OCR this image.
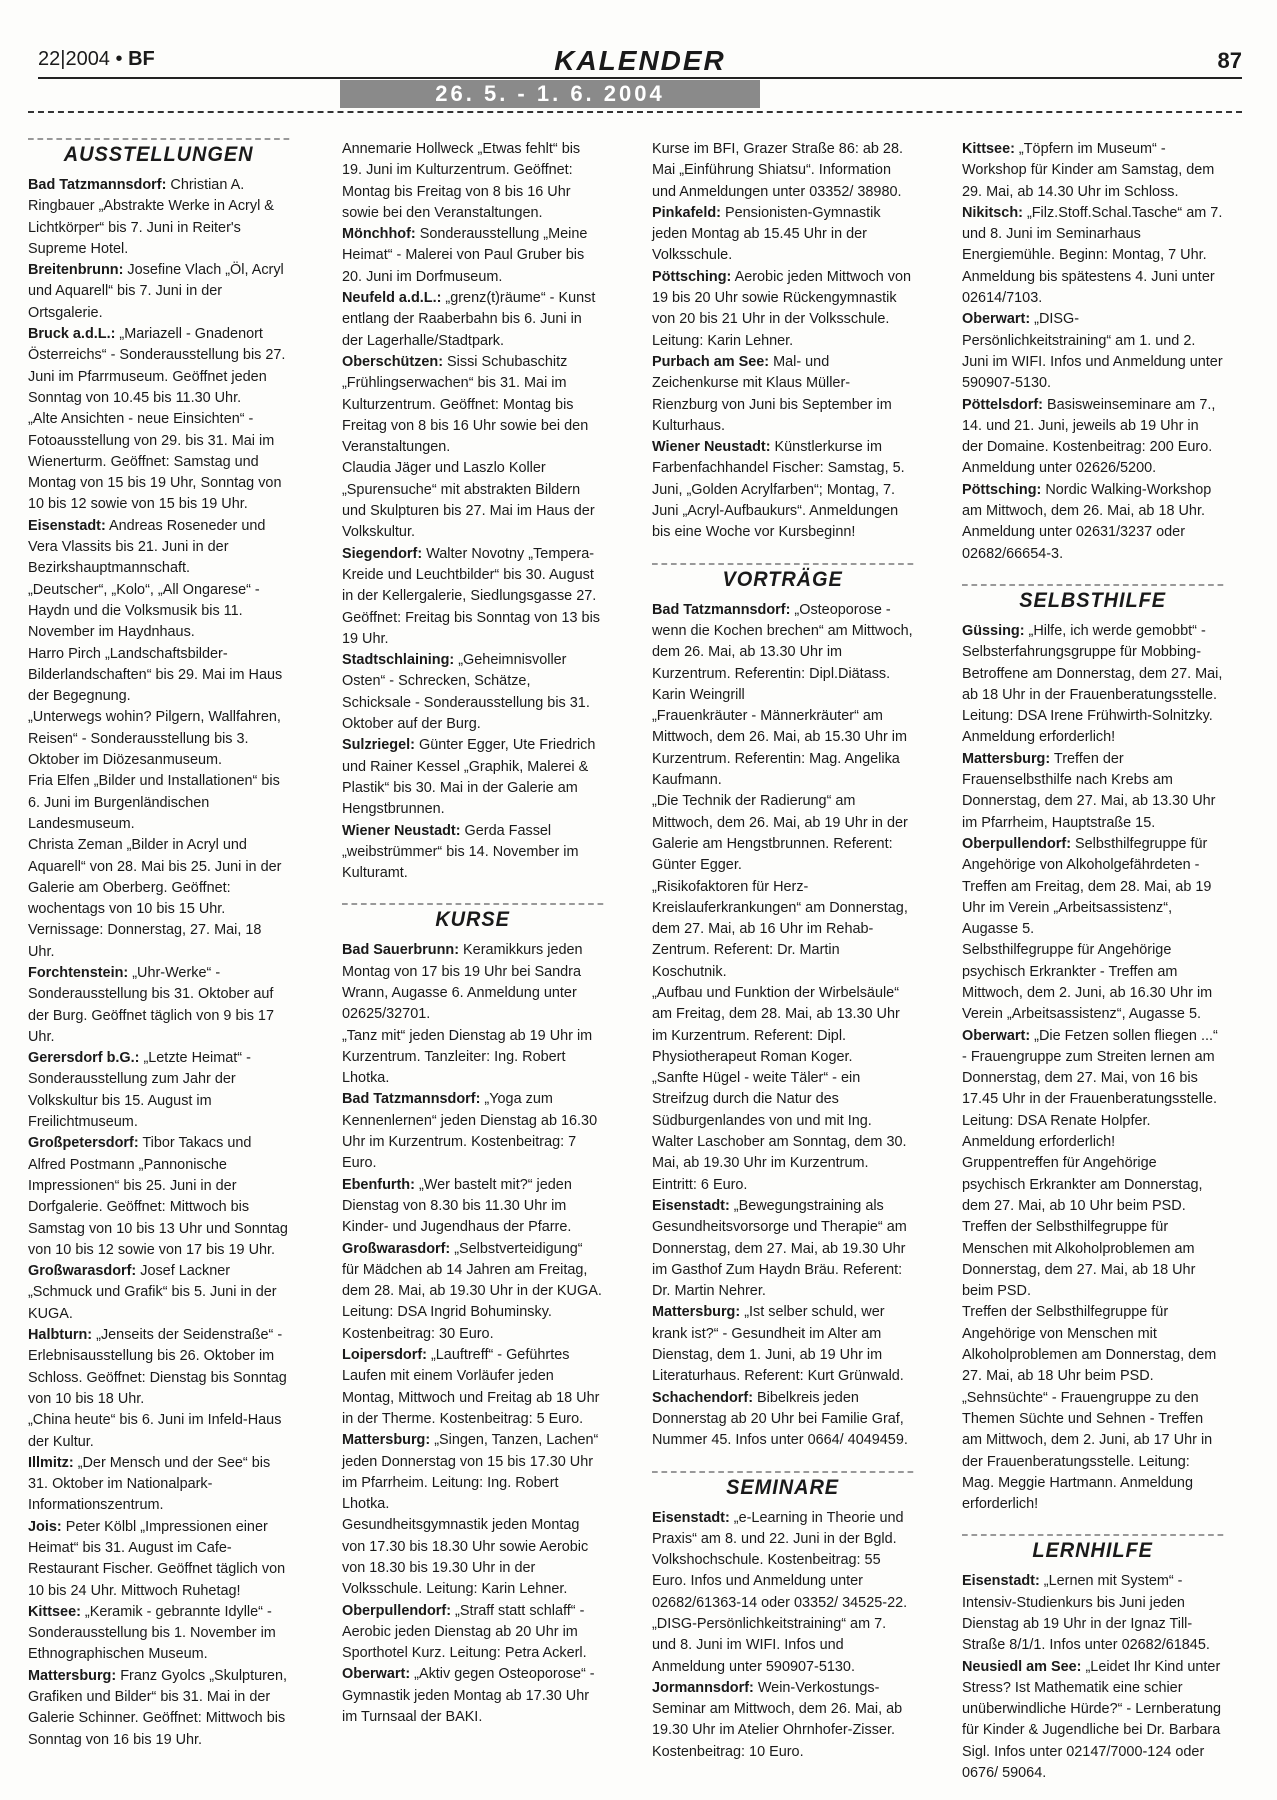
22|2004 • BF	KALENDER	87
26. 5. - 1. 6. 2004
AUSSTELLUNGEN

Bad Tatzmannsdorf: Christian A. Ringbauer „Abstrakte Werke in Acryl & Lichtkörper“ bis 7. Juni in Reiter's Supreme Hotel.

Breitenbrunn: Josefine Vlach „Öl, Acryl und Aquarell“ bis 7. Juni in der Ortsgalerie.

Bruck a.d.L.: „Mariazell - Gnadenort Österreichs“ - Sonderausstellung bis 27. Juni im Pfarrmuseum. Geöffnet jeden Sonntag von 10.45 bis 11.30 Uhr.

„Alte Ansichten - neue Einsichten“ - Fotoausstellung von 29. bis 31. Mai im Wienerturm. Geöffnet: Samstag und Montag von 15 bis 19 Uhr, Sonntag von 10 bis 12 sowie von 15 bis 19 Uhr.

Eisenstadt: Andreas Roseneder und Vera Vlassits bis 21. Juni in der Bezirkshauptmannschaft.

„Deutscher“, „Kolo“, „All Ongarese“ - Haydn und die Volksmusik bis 11. November im Haydnhaus.

Harro Pirch „Landschaftsbilder-Bilderlandschaften“ bis 29. Mai im Haus der Begegnung.

„Unterwegs wohin? Pilgern, Wallfahren, Reisen“ - Sonderausstellung bis 3. Oktober im Diözesanmuseum.

Fria Elfen „Bilder und Installationen“ bis 6. Juni im Burgenländischen Landesmuseum.

Christa Zeman „Bilder in Acryl und Aquarell“ von 28. Mai bis 25. Juni in der Galerie am Oberberg. Geöffnet: wochentags von 10 bis 15 Uhr. Vernissage: Donnerstag, 27. Mai, 18 Uhr.

Forchtenstein: „Uhr-Werke“ - Sonderausstellung bis 31. Oktober auf der Burg. Geöffnet täglich von 9 bis 17 Uhr.

Gerersdorf b.G.: „Letzte Heimat“ - Sonderausstellung zum Jahr der Volkskultur bis 15. August im Freilichtmuseum.

Großpetersdorf: Tibor Takacs und Alfred Postmann „Pannonische Impressionen“ bis 25. Juni in der Dorfgalerie. Geöffnet: Mittwoch bis Samstag von 10 bis 13 Uhr und Sonntag von 10 bis 12 sowie von 17 bis 19 Uhr.

Großwarasdorf: Josef Lackner „Schmuck und Grafik“ bis 5. Juni in der KUGA.

Halbturn: „Jenseits der Seidenstraße“ - Erlebnisausstellung bis 26. Oktober im Schloss. Geöffnet: Dienstag bis Sonntag von 10 bis 18 Uhr.

„China heute“ bis 6. Juni im Infeld-Haus der Kultur.

Illmitz: „Der Mensch und der See“ bis 31. Oktober im Nationalpark-Informationszentrum.

Jois: Peter Kölbl „Impressionen einer Heimat“ bis 31. August im Cafe-Restaurant Fischer. Geöffnet täglich von 10 bis 24 Uhr. Mittwoch Ruhetag!

Kittsee: „Keramik - gebrannte Idylle“ - Sonderausstellung bis 1. November im Ethnographischen Museum.

Mattersburg: Franz Gyolcs „Skulpturen, Grafiken und Bilder“ bis 31. Mai in der Galerie Schinner. Geöffnet: Mittwoch bis Sonntag von 16 bis 19 Uhr.

Annemarie Hollweck „Etwas fehlt“ bis 19. Juni im Kulturzentrum. Geöffnet: Montag bis Freitag von 8 bis 16 Uhr sowie bei den Veranstaltungen.

Mönchhof: Sonderausstellung „Meine Heimat“ - Malerei von Paul Gruber bis 20. Juni im Dorfmuseum.

Neufeld a.d.L.: „grenz(t)räume“ - Kunst entlang der Raaberbahn bis 6. Juni in der Lagerhalle/Stadtpark.

Oberschützen: Sissi Schubaschitz „Frühlingserwachen“ bis 31. Mai im Kulturzentrum. Geöffnet: Montag bis Freitag von 8 bis 16 Uhr sowie bei den Veranstaltungen.

Claudia Jäger und Laszlo Koller „Spurensuche“ mit abstrakten Bildern und Skulpturen bis 27. Mai im Haus der Volkskultur.

Siegendorf: Walter Novotny „Tempera-Kreide und Leuchtbilder“ bis 30. August in der Kellergalerie, Siedlungsgasse 27. Geöffnet: Freitag bis Sonntag von 13 bis 19 Uhr.

Stadtschlaining: „Geheimnisvoller Osten“ - Schrecken, Schätze, Schicksale - Sonderausstellung bis 31. Oktober auf der Burg.

Sulzriegel: Günter Egger, Ute Friedrich und Rainer Kessel „Graphik, Malerei & Plastik“ bis 30. Mai in der Galerie am Hengstbrunnen.

Wiener Neustadt: Gerda Fassel „weibstrümmer“ bis 14. November im Kulturamt.

KURSE

Bad Sauerbrunn: Keramikkurs jeden Montag von 17 bis 19 Uhr bei Sandra Wrann, Augasse 6. Anmeldung unter 02625/32701.

„Tanz mit“ jeden Dienstag ab 19 Uhr im Kurzentrum. Tanzleiter: Ing. Robert Lhotka.

Bad Tatzmannsdorf: „Yoga zum Kennenlernen“ jeden Dienstag ab 16.30 Uhr im Kurzentrum. Kostenbeitrag: 7 Euro.

Ebenfurth: „Wer bastelt mit?“ jeden Dienstag von 8.30 bis 11.30 Uhr im Kinder- und Jugendhaus der Pfarre.

Großwarasdorf: „Selbstverteidigung“ für Mädchen ab 14 Jahren am Freitag, dem 28. Mai, ab 19.30 Uhr in der KUGA. Leitung: DSA Ingrid Bohuminsky. Kostenbeitrag: 30 Euro.

Loipersdorf: „Lauftreff“ - Geführtes Laufen mit einem Vorläufer jeden Montag, Mittwoch und Freitag ab 18 Uhr in der Therme. Kostenbeitrag: 5 Euro.

Mattersburg: „Singen, Tanzen, Lachen“ jeden Donnerstag von 15 bis 17.30 Uhr im Pfarrheim. Leitung: Ing. Robert Lhotka.

Gesundheitsgymnastik jeden Montag von 17.30 bis 18.30 Uhr sowie Aerobic von 18.30 bis 19.30 Uhr in der Volksschule. Leitung: Karin Lehner.

Oberpullendorf: „Straff statt schlaff“ - Aerobic jeden Dienstag ab 20 Uhr im Sporthotel Kurz. Leitung: Petra Ackerl.

Oberwart: „Aktiv gegen Osteoporose“ - Gymnastik jeden Montag ab 17.30 Uhr im Turnsaal der BAKI.

Kurse im BFI, Grazer Straße 86: ab 28. Mai „Einführung Shiatsu“. Information und Anmeldungen unter 03352/ 38980.

Pinkafeld: Pensionisten-Gymnastik jeden Montag ab 15.45 Uhr in der Volksschule.

Pöttsching: Aerobic jeden Mittwoch von 19 bis 20 Uhr sowie Rückengymnastik von 20 bis 21 Uhr in der Volksschule. Leitung: Karin Lehner.

Purbach am See: Mal- und Zeichenkurse mit Klaus Müller-Rienzburg von Juni bis September im Kulturhaus.

Wiener Neustadt: Künstlerkurse im Farbenfachhandel Fischer: Samstag, 5. Juni, „Golden Acrylfarben“; Montag, 7. Juni „Acryl-Aufbaukurs“. Anmeldungen bis eine Woche vor Kursbeginn!

VORTRÄGE

Bad Tatzmannsdorf: „Osteoporose - wenn die Kochen brechen“ am Mittwoch, dem 26. Mai, ab 13.30 Uhr im Kurzentrum. Referentin: Dipl.Diätass. Karin Weingrill

„Frauenkräuter - Männerkräuter“ am Mittwoch, dem 26. Mai, ab 15.30 Uhr im Kurzentrum. Referentin: Mag. Angelika Kaufmann.

„Die Technik der Radierung“ am Mittwoch, dem 26. Mai, ab 19 Uhr in der Galerie am Hengstbrunnen. Referent: Günter Egger.

„Risikofaktoren für Herz-Kreislauferkrankungen“ am Donnerstag, dem 27. Mai, ab 16 Uhr im Rehab-Zentrum. Referent: Dr. Martin Koschutnik.

„Aufbau und Funktion der Wirbelsäule“ am Freitag, dem 28. Mai, ab 13.30 Uhr im Kurzentrum. Referent: Dipl. Physiotherapeut Roman Koger.

„Sanfte Hügel - weite Täler“ - ein Streifzug durch die Natur des Südburgenlandes von und mit Ing. Walter Laschober am Sonntag, dem 30. Mai, ab 19.30 Uhr im Kurzentrum. Eintritt: 6 Euro.

Eisenstadt: „Bewegungstraining als Gesundheitsvorsorge und Therapie“ am Donnerstag, dem 27. Mai, ab 19.30 Uhr im Gasthof Zum Haydn Bräu. Referent: Dr. Martin Nehrer.

Mattersburg: „Ist selber schuld, wer krank ist?“ - Gesundheit im Alter am Dienstag, dem 1. Juni, ab 19 Uhr im Literaturhaus. Referent: Kurt Grünwald.

Schachendorf: Bibelkreis jeden Donnerstag ab 20 Uhr bei Familie Graf, Nummer 45. Infos unter 0664/ 4049459.

SEMINARE

Eisenstadt: „e-Learning in Theorie und Praxis“ am 8. und 22. Juni in der Bgld. Volkshochschule. Kostenbeitrag: 55 Euro. Infos und Anmeldung unter 02682/61363-14 oder 03352/ 34525-22.

„DISG-Persönlichkeitstraining“ am 7. und 8. Juni im WIFI. Infos und Anmeldung unter 590907-5130.

Jormannsdorf: Wein-Verkostungs-Seminar am Mittwoch, dem 26. Mai, ab 19.30 Uhr im Atelier Ohrnhofer-Zisser. Kostenbeitrag: 10 Euro.

Kittsee: „Töpfern im Museum“ - Workshop für Kinder am Samstag, dem 29. Mai, ab 14.30 Uhr im Schloss.

Nikitsch: „Filz.Stoff.Schal.Tasche“ am 7. und 8. Juni im Seminarhaus Energiemühle. Beginn: Montag, 7 Uhr. Anmeldung bis spätestens 4. Juni unter 02614/7103.

Oberwart: „DISG-Persönlichkeitstraining“ am 1. und 2. Juni im WIFI. Infos und Anmeldung unter 590907-5130.

Pöttelsdorf: Basisweinseminare am 7., 14. und 21. Juni, jeweils ab 19 Uhr in der Domaine. Kostenbeitrag: 200 Euro. Anmeldung unter 02626/5200.

Pöttsching: Nordic Walking-Workshop am Mittwoch, dem 26. Mai, ab 18 Uhr. Anmeldung unter 02631/3237 oder 02682/66654-3.

SELBSTHILFE

Güssing: „Hilfe, ich werde gemobbt“ - Selbsterfahrungsgruppe für Mobbing-Betroffene am Donnerstag, dem 27. Mai, ab 18 Uhr in der Frauenberatungsstelle. Leitung: DSA Irene Frühwirth-Solnitzky. Anmeldung erforderlich!

Mattersburg: Treffen der Frauenselbsthilfe nach Krebs am Donnerstag, dem 27. Mai, ab 13.30 Uhr im Pfarrheim, Hauptstraße 15.

Oberpullendorf: Selbsthilfegruppe für Angehörige von Alkoholgefährdeten - Treffen am Freitag, dem 28. Mai, ab 19 Uhr im Verein „Arbeitsassistenz“, Augasse 5.

Selbsthilfegruppe für Angehörige psychisch Erkrankter - Treffen am Mittwoch, dem 2. Juni, ab 16.30 Uhr im Verein „Arbeitsassistenz“, Augasse 5.

Oberwart: „Die Fetzen sollen fliegen ...“ - Frauengruppe zum Streiten lernen am Donnerstag, dem 27. Mai, von 16 bis 17.45 Uhr in der Frauenberatungsstelle. Leitung: DSA Renate Holpfer. Anmeldung erforderlich!

Gruppentreffen für Angehörige psychisch Erkrankter am Donnerstag, dem 27. Mai, ab 10 Uhr beim PSD.

Treffen der Selbsthilfegruppe für Menschen mit Alkoholproblemen am Donnerstag, dem 27. Mai, ab 18 Uhr beim PSD.

Treffen der Selbsthilfegruppe für Angehörige von Menschen mit Alkoholproblemen am Donnerstag, dem 27. Mai, ab 18 Uhr beim PSD.

„Sehnsüchte“ - Frauengruppe zu den Themen Süchte und Sehnen - Treffen am Mittwoch, dem 2. Juni, ab 17 Uhr in der Frauenberatungsstelle. Leitung: Mag. Meggie Hartmann. Anmeldung erforderlich!

LERNHILFE

Eisenstadt: „Lernen mit System“ - Intensiv-Studienkurs bis Juni jeden Dienstag ab 19 Uhr in der Ignaz Till-Straße 8/1/1. Infos unter 02682/61845.

Neusiedl am See: „Leidet Ihr Kind unter Stress? Ist Mathematik eine schier unüberwindliche Hürde?“ - Lernberatung für Kinder & Jugendliche bei Dr. Barbara Sigl. Infos unter 02147/7000-124 oder 0676/ 59064.
